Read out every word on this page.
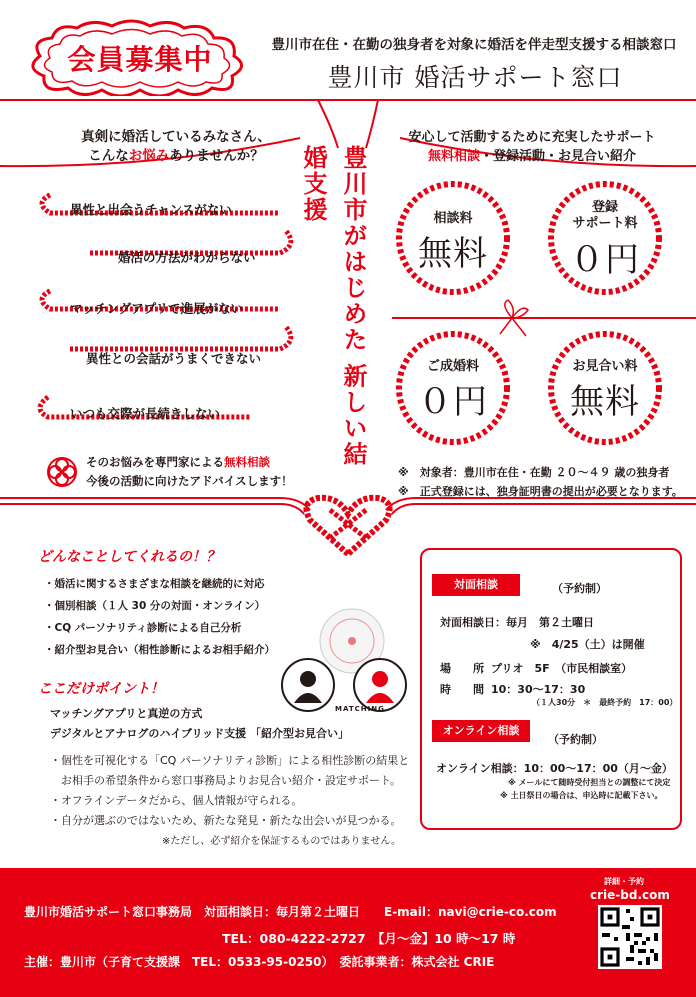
会員募集中	豊川市在住・在勤の独身者を対象に婚活を伴走型支援する相談窓口
豊川市 婚活サポート窓口
真剣に婚活しているみなさん、
こんなお悩みありませんか？
異性と出会うチャンスがない
婚活の方法がわからない
マッチングアプリで進展がない
異性との会話がうまくできない
いつも交際が長続きしない
そのお悩みを専門家による無料相談
今後の活動に向けたアドバイスします！
豊川市がはじめた 新しい結婚支援
安心して活動するために充実したサポート
無料相談・登録活動・お見合い紹介
相談料
無料
登録
サポート料
０円
ご成婚料
０円
お見合い料
無料
※　対象者：豊川市在住・在勤 ２０～４９ 歳の独身者
※　正式登録には、独身証明書の提出が必要となります。
どんなことしてくれるの！？
・婚活に関するさまざまな相談を継続的に対応
・個別相談（１人 30 分の対面・オンライン）
・CQ パーソナリティ診断による自己分析
・紹介型お見合い（相性診断によるお相手紹介）
MATCHING
ここだけポイント！
マッチングアプリと真逆の方式
デジタルとアナログのハイブリッド支援 「紹介型お見合い」
・個性を可視化する「CQ パーソナリティ診断」による相性診断の結果と
　お相手の希望条件から窓口事務局よりお見合い紹介・設定サポート。
・オフラインデータだから、個人情報が守られる。
・自分が選ぶのではないため、新たな発見・新たな出会いが見つかる。
※ただし、必ず紹介を保証するものではありません。
対面相談	（予約制）
対面相談日：毎月　第２土曜日
※　4/25（土）は開催
場　　所
：プリオ　5F　（市民相談室）
時　　間
：10：30～17：30
（１人30分　＊　最終予約　17：00）
オンライン相談
（予約制）
オンライン相談：10：00～17：00（月～金）
※ メールにて随時受付担当との調整にて決定
※ 土日祭日の場合は、申込時に記載下さい。
豊川市婚活サポート窓口事務局　対面相談日：毎月第２土曜日　　E-mail：navi@crie-co.com
TEL：080-4222-2727　【月～金】10 時～17 時
主催：豊川市（子育て支援課　TEL：0533-95-0250）　委託事業者：株式会社 CRIE
詳細・予約
crie-bd.com
